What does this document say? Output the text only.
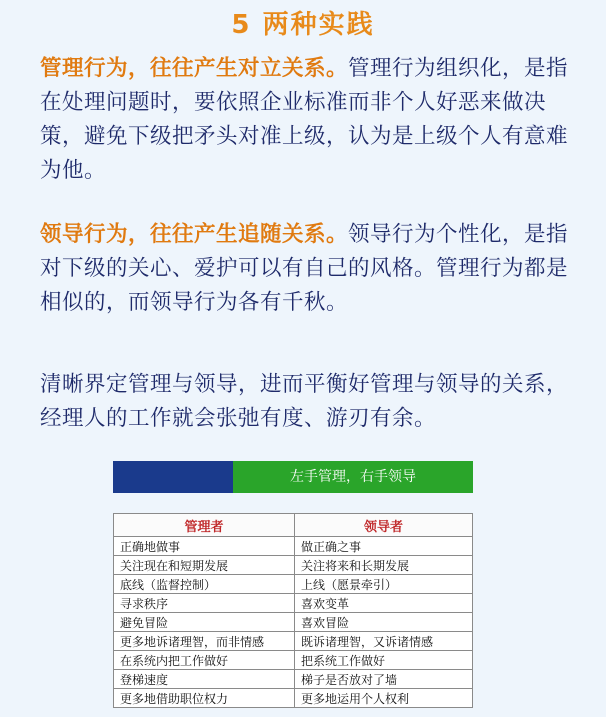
5 两种实践
管理行为，往往产生对立关系。管理行为组织化，是指在处理问题时，要依照企业标准而非个人好恶来做决策，避免下级把矛头对准上级，认为是上级个人有意难为他。
领导行为，往往产生追随关系。领导行为个性化，是指对下级的关心、爱护可以有自己的风格。管理行为都是相似的，而领导行为各有千秋。
清晰界定管理与领导，进而平衡好管理与领导的关系，经理人的工作就会张弛有度、游刃有余。
左手管理，右手领导
管理者	领导者
正确地做事	做正确之事
关注现在和短期发展	关注将来和长期发展
底线（监督控制）	上线（愿景牵引）
寻求秩序	喜欢变革
避免冒险	喜欢冒险
更多地诉诸理智，而非情感	既诉诸理智，又诉诸情感
在系统内把工作做好	把系统工作做好
登梯速度	梯子是否放对了墙
更多地借助职位权力	更多地运用个人权利
